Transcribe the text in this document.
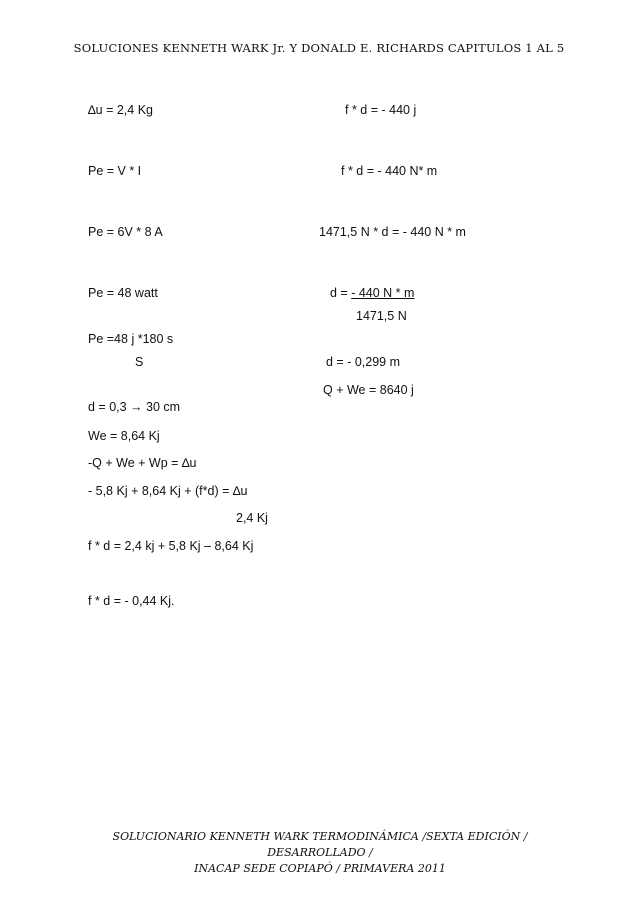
SOLUCIONES KENNETH WARK Jr. Y DONALD E. RICHARDS CAPITULOS 1 AL 5
∆u = 2,4 Kg
Pe = V * I
Pe = 6V * 8 A
Pe = 48 watt
Pe =48 j *180 s
S
d = 0,3 → 30 cm
We = 8,64 Kj
-Q + We + Wp = ∆u
- 5,8 Kj + 8,64 Kj + (f*d) = ∆u
2,4 Kj
f * d = 2,4 kj + 5,8 Kj – 8,64 Kj
f * d = - 0,44 Kj.
f * d = - 440 j
f * d = - 440 N* m
1471,5 N * d = - 440 N * m
d = - 440 N * m
1471,5 N
d = - 0,299 m
Q + We = 8640 j
SOLUCIONARIO KENNETH WARK TERMODINÁMICA /SEXTA EDICIÓN / DESARROLLADO /
INACAP SEDE COPIAPÓ / PRIMAVERA 2011
